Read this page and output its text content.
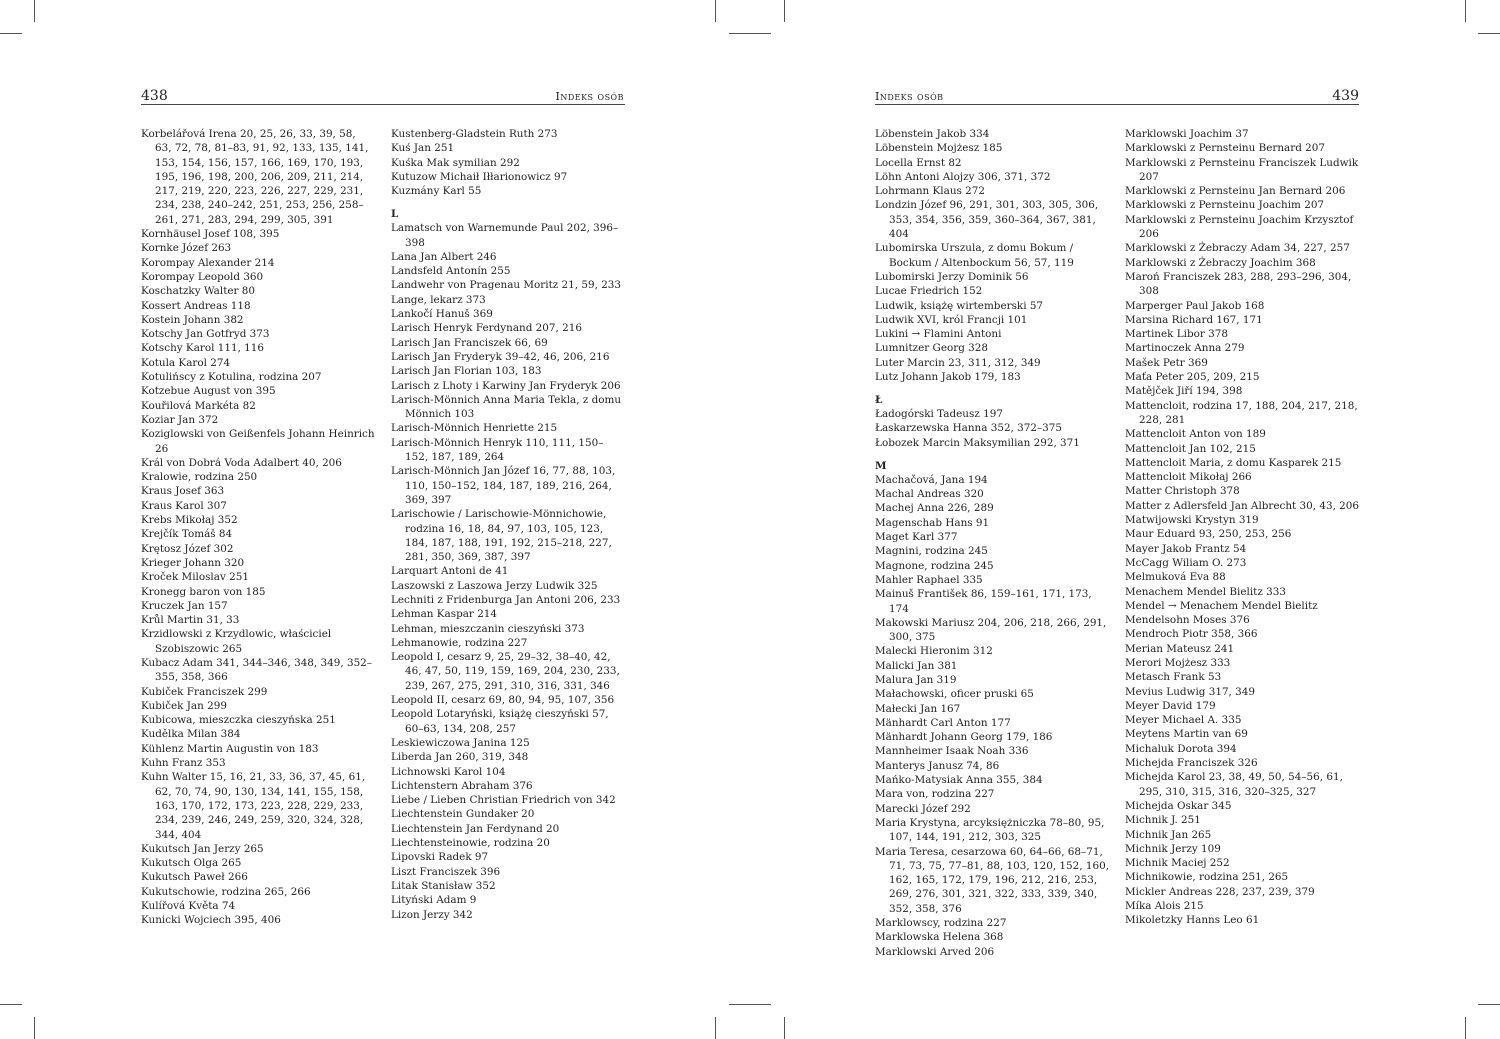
438	Indeks osób
Korbelářová Irena 20, 25, 26, 33, 39, 58, 63, 72, 78, 81–83, 91, 92, 133, 135, 141, 153, 154, 156, 157, 166, 169, 170, 193, 195, 196, 198, 200, 206, 209, 211, 214, 217, 219, 220, 223, 226, 227, 229, 231, 234, 238, 240–242, 251, 253, 256, 258–261, 271, 283, 294, 299, 305, 391
Kornhäusel Josef 108, 395
Kornke Józef 263
Korompay Alexander 214
Korompay Leopold 360
Koschatzky Walter 80
Kossert Andreas 118
Kostein Johann 382
Kotschy Jan Gotfryd 373
Kotschy Karol 111, 116
Kotula Karol 274
Kotulińscy z Kotulina, rodzina 207
Kotzebue August von 395
Kouřilová Markéta 82
Koziar Jan 372
Koziglowski von Geißenfels Johann Heinrich 26
Král von Dobrá Voda Adalbert 40, 206
Kralowie, rodzina 250
Kraus Josef 363
Kraus Karol 307
Krebs Mikołaj 352
Krejčík Tomáš 84
Krętosz Józef 302
Krieger Johann 320
Kroček Miloslav 251
Kronegg baron von 185
Kruczek Jan 157
Krůl Martin 31, 33
Krzidlowski z Krzydlowic, właściciel Szobiszowic 265
Kubacz Adam 341, 344–346, 348, 349, 352–355, 358, 366
Kubiček Franciszek 299
Kubiček Jan 299
Kubicowa, mieszczka cieszyńska 251
Kudělka Milan 384
Kühlenz Martin Augustin von 183
Kuhn Franz 353
Kuhn Walter 15, 16, 21, 33, 36, 37, 45, 61, 62, 70, 74, 90, 130, 134, 141, 155, 158, 163, 170, 172, 173, 223, 228, 229, 233, 234, 239, 246, 249, 259, 320, 324, 328, 344, 404
Kukutsch Jan Jerzy 265
Kukutsch Olga 265
Kukutsch Paweł 266
Kukutschowie, rodzina 265, 266
Kulířová Květa 74
Kunicki Wojciech 395, 406
Kustenberg-Gladstein Ruth 273
Kuś Jan 251
Kuśka Mak symilian 292
Kutuzow Michaił Iłłarionowicz 97
Kuzmány Karl 55
L
Lamatsch von Warnemunde Paul 202, 396–398
Lana Jan Albert 246
Landsfeld Antonín 255
Landwehr von Pragenau Moritz 21, 59, 233
Lange, lekarz 373
Lankočí Hanuš 369
Larisch Henryk Ferdynand 207, 216
Larisch Jan Franciszek 66, 69
Larisch Jan Fryderyk 39–42, 46, 206, 216
Larisch Jan Florian 103, 183
Larisch z Lhoty i Karwiny Jan Fryderyk 206
Larisch-Mönnich Anna Maria Tekla, z domu Mönnich 103
Larisch-Mönnich Henriette 215
Larisch-Mönnich Henryk 110, 111, 150–152, 187, 189, 264
Larisch-Mönnich Jan Józef 16, 77, 88, 103, 110, 150–152, 184, 187, 189, 216, 264, 369, 397
Larischowie / Larischowie-Mönnichowie, rodzina 16, 18, 84, 97, 103, 105, 123, 184, 187, 188, 191, 192, 215–218, 227, 281, 350, 369, 387, 397
Larquart Antoni de 41
Laszowski z Laszowa Jerzy Ludwik 325
Lechniti z Fridenburga Jan Antoni 206, 233
Lehman Kaspar 214
Lehman, mieszczanin cieszyński 373
Lehmanowie, rodzina 227
Leopold I, cesarz 9, 25, 29–32, 38–40, 42, 46, 47, 50, 119, 159, 169, 204, 230, 233, 239, 267, 275, 291, 310, 316, 331, 346
Leopold II, cesarz 69, 80, 94, 95, 107, 356
Leopold Lotaryński, książę cieszyński 57, 60–63, 134, 208, 257
Leskiewiczowa Janina 125
Liberda Jan 260, 319, 348
Lichnowski Karol 104
Lichtenstern Abraham 376
Liebe / Lieben Christian Friedrich von 342
Liechtenstein Gundaker 20
Liechtenstein Jan Ferdynand 20
Liechtensteinowie, rodzina 20
Lipovski Radek 97
Liszt Franciszek 396
Litak Stanisław 352
Lityński Adam 9
Lizon Jerzy 342
Indeks osób	439
Löbenstein Jakob 334
Löbenstein Mojżesz 185
Locella Ernst 82
Löhn Antoni Alojzy 306, 371, 372
Lohrmann Klaus 272
Londzin Józef 96, 291, 301, 303, 305, 306, 353, 354, 356, 359, 360–364, 367, 381, 404
Lubomirska Urszula, z domu Bokum / Bockum / Altenbockum 56, 57, 119
Lubomirski Jerzy Dominik 56
Lucae Friedrich 152
Ludwik, książę wirtemberski 57
Ludwik XVI, król Francji 101
Lukini → Flamini Antoni
Lumnitzer Georg 328
Luter Marcin 23, 311, 312, 349
Lutz Johann Jakob 179, 183
Ł
Ładogórski Tadeusz 197
Łaskarzewska Hanna 352, 372–375
Łobozek Marcin Maksymilian 292, 371
M
Machačová, Jana 194
Machal Andreas 320
Machej Anna 226, 289
Magenschab Hans 91
Maget Karl 377
Magnini, rodzina 245
Magnone, rodzina 245
Mahler Raphael 335
Mainuš František 86, 159–161, 171, 173, 174
Makowski Mariusz 204, 206, 218, 266, 291, 300, 375
Malecki Hieronim 312
Malicki Jan 381
Malura Jan 319
Małachowski, oficer pruski 65
Małecki Jan 167
Mänhardt Carl Anton 177
Mänhardt Johann Georg 179, 186
Mannheimer Isaak Noah 336
Manterys Janusz 74, 86
Mańko-Matysiak Anna 355, 384
Mara von, rodzina 227
Marecki Józef 292
Maria Krystyna, arcyksiężniczka 78–80, 95, 107, 144, 191, 212, 303, 325
Maria Teresa, cesarzowa 60, 64–66, 68–71, 71, 73, 75, 77–81, 88, 103, 120, 152, 160, 162, 165, 172, 179, 196, 212, 216, 253, 269, 276, 301, 321, 322, 333, 339, 340, 352, 358, 376
Marklowscy, rodzina 227
Marklowska Helena 368
Marklowski Arved 206
Marklowski Joachim 37
Marklowski z Pernsteinu Bernard 207
Marklowski z Pernsteinu Franciszek Ludwik 207
Marklowski z Pernsteinu Jan Bernard 206
Marklowski z Pernsteinu Joachim 207
Marklowski z Pernsteinu Joachim Krzysztof 206
Marklowski z Żebraczy Adam 34, 227, 257
Marklowski z Żebraczy Joachim 368
Maroń Franciszek 283, 288, 293–296, 304, 308
Marperger Paul Jakob 168
Marsina Richard 167, 171
Martinek Libor 378
Martinoczek Anna 279
Mašek Petr 369
Maťa Peter 205, 209, 215
Matějček Jiří 194, 398
Mattencloit, rodzina 17, 188, 204, 217, 218, 228, 281
Mattencloit Anton von 189
Mattencloit Jan 102, 215
Mattencloit Maria, z domu Kasparek 215
Mattencloit Mikołaj 266
Matter Christoph 378
Matter z Adlersfeld Jan Albrecht 30, 43, 206
Matwijowski Krystyn 319
Maur Eduard 93, 250, 253, 256
Mayer Jakob Frantz 54
McCagg Wiliam O. 273
Melmuková Eva 88
Menachem Mendel Bielitz 333
Mendel → Menachem Mendel Bielitz
Mendelsohn Moses 376
Mendroch Piotr 358, 366
Merian Mateusz 241
Merori Mojżesz 333
Metasch Frank 53
Mevius Ludwig 317, 349
Meyer David 179
Meyer Michael A. 335
Meytens Martin van 69
Michaluk Dorota 394
Michejda Franciszek 326
Michejda Karol 23, 38, 49, 50, 54–56, 61, 295, 310, 315, 316, 320–325, 327
Michejda Oskar 345
Michnik J. 251
Michnik Jan 265
Michnik Jerzy 109
Michnik Maciej 252
Michnikowie, rodzina 251, 265
Mickler Andreas 228, 237, 239, 379
Míka Alois 215
Mikoletzky Hanns Leo 61
